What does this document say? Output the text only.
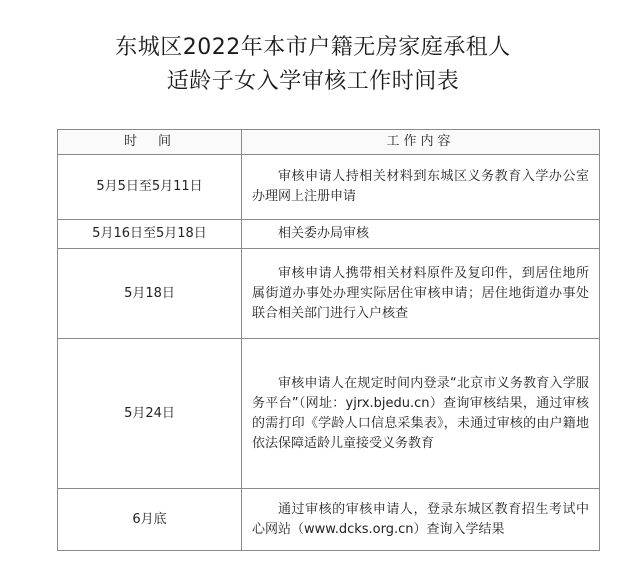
东城区2022年本市户籍无房家庭承租人
适龄子女入学审核工作时间表
时　间	工作内容
5月5日至5月11日	审核申请人持相关材料到东城区义务教育入学办公室办理网上注册申请
5月16日至5月18日	相关委办局审核
5月18日	审核申请人携带相关材料原件及复印件，到居住地所属街道办事处办理实际居住审核申请；居住地街道办事处联合相关部门进行入户核查
5月24日	审核申请人在规定时间内登录“北京市义务教育入学服务平台”（网址：yjrx.bjedu.cn）查询审核结果，通过审核的需打印《学龄人口信息采集表》，未通过审核的由户籍地依法保障适龄儿童接受义务教育
6月底	通过审核的审核申请人，登录东城区教育招生考试中心网站（www.dcks.org.cn）查询入学结果
